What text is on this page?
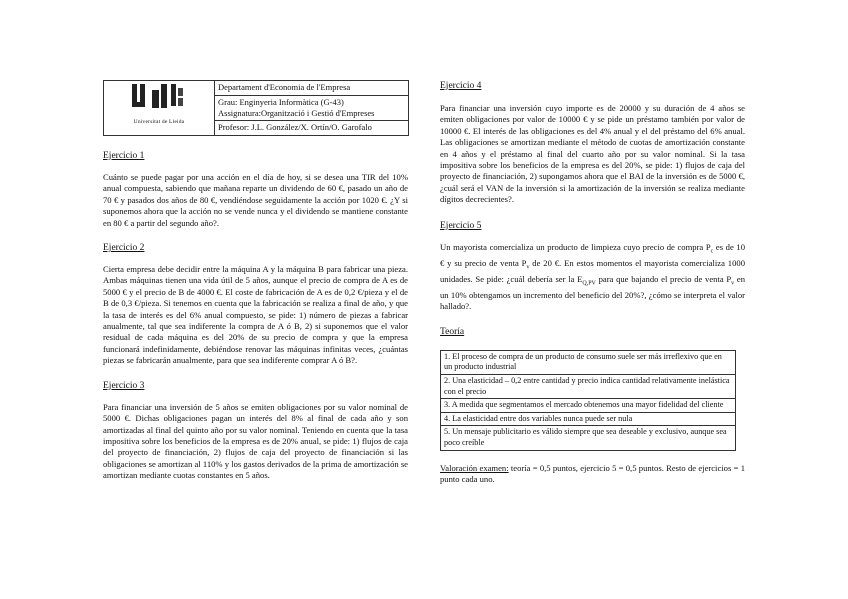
Universitat de Lleida
	Departament d'Economia de l'Empresa

Grau: Enginyeria Informàtica (G-43)
Assignatura:Organització i Gestió d'Empreses

Profesor: J.L. González/X. Ortín/O. Garofalo

Ejercicio 1

Cuánto se puede pagar por una acción en el día de hoy, si se desea una TIR del 10% anual compuesta, sabiendo que mañana reparte un dividendo de 60 €, pasado un año de 70 € y pasados dos años de 80 €, vendiéndose seguidamente la acción por 1020 €. ¿Y si suponemos ahora que la acción no se vende nunca y el dividendo se mantiene constante en 80 € a partir del segundo año?.

Ejercicio 2

Cierta empresa debe decidir entre la máquina A y la máquina B para fabricar una pieza. Ambas máquinas tienen una vida útil de 5 años, aunque el precio de compra de A es de 5000 € y el precio de B de 4000 €. El coste de fabricación de A es de 0,2 €/pieza y el de B de 0,3 €/pieza. Si tenemos en cuenta que la fabricación se realiza a final de año, y que la tasa de interés es del 6% anual compuesto, se pide: 1) número de piezas a fabricar anualmente, tal que sea indiferente la compra de A ó B, 2) si suponemos que el valor residual de cada máquina es del 20% de su precio de compra y que la empresa funcionará indefinidamente, debiéndose renovar las máquinas infinitas veces, ¿cuántas piezas se fabricarán anualmente, para que sea indiferente comprar A ó B?.

Ejercicio 3

Para financiar una inversión de 5 años se emiten obligaciones por su valor nominal de 5000 €. Dichas obligaciones pagan un interés del 8% al final de cada año y son amortizadas al final del quinto año por su valor nominal. Teniendo en cuenta que la tasa impositiva sobre los beneficios de la empresa es de 20% anual, se pide: 1) flujos de caja del proyecto de financiación, 2) flujos de caja del proyecto de financiación si las obligaciones se amortizan al 110% y los gastos derivados de la prima de amortización se amortizan mediante cuotas constantes en 5 años.

Ejercicio 4

Para financiar una inversión cuyo importe es de 20000 y su duración de 4 años se emiten obligaciones por valor de 10000 € y se pide un préstamo también por valor de 10000 €. El interés de las obligaciones es del 4% anual y el del préstamo del 6% anual. Las obligaciones se amortizan mediante el método de cuotas de amortización constante en 4 años y el préstamo al final del cuarto año por su valor nominal. Si la tasa impositiva sobre los beneficios de la empresa es del 20%, se pide: 1) flujos de caja del proyecto de financiación, 2) supongamos ahora que el BAI de la inversión es de 5000 €, ¿cuál será el VAN de la inversión si la amortización de la inversión se realiza mediante dígitos decrecientes?.

Ejercicio 5

Un mayorista comercializa un producto de limpieza cuyo precio de compra $P_c$ es de 10 € y su precio de venta $P_v$ de 20 €. En estos momentos el mayorista comercializa 1000 unidades. Se pide: ¿cuál debería ser la $E_{Q,PV}$ para que bajando el precio de venta $P_v$ en un 10% obtengamos un incremento del beneficio del 20%?, ¿cómo se interpreta el valor hallado?.

Teoría

1. El proceso de compra de un producto de consumo suele ser más irreflexivo que en un producto industrial
2. Una elasticidad – 0,2 entre cantidad y precio indica cantidad relativamente inelástica con el precio
3. A medida que segmentamos el mercado obtenemos una mayor fidelidad del cliente
4. La elasticidad entre dos variables nunca puede ser nula
5. Un mensaje publicitario es válido siempre que sea deseable y exclusivo, aunque sea poco creíble

Valoración examen: teoría = 0,5 puntos, ejercicio 5 = 0,5 puntos. Resto de ejercicios = 1 punto cada uno.
